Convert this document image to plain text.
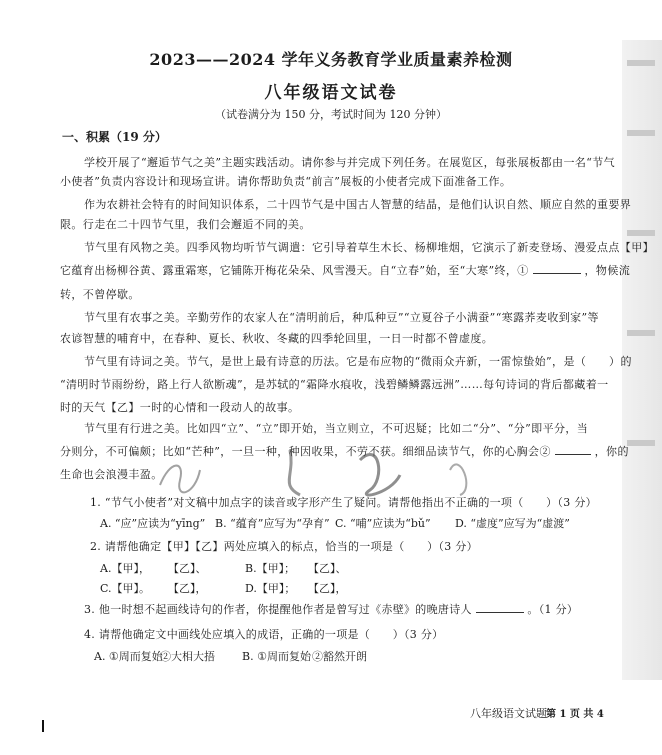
2023——2024 学年义务教育学业质量素养检测
八年级语文试卷
（试卷满分为 150 分，考试时间为 120 分钟）
一、积累（19 分）
学校开展了“邂逅节气之美”主题实践活动。请你参与并完成下列任务。在展览区，每张展板都由一名“节气
小使者”负责内容设计和现场宣讲。请你帮助负责“前言”展板的小使者完成下面准备工作。
作为农耕社会特有的时间知识体系，二十四节气是中国古人智慧的结晶，是他们认识自然、顺应自然的重要界
限。行走在二十四节气里，我们会邂逅不同的美。
节气里有风物之美。四季风物均听节气调遣：它引导着草生木长、杨柳堆烟，它演示了新麦登场、漫爱点点【甲】
它蕴育出杨柳谷黄、露重霜寒，它铺陈开梅花朵朵、风雪漫天。自“立春”始，至“大寒”终，①	，物候流
转，不曾停歇。
节气里有农事之美。辛勤劳作的农家人在“清明前后，种瓜种豆”“立夏谷子小满蚕”“寒露荞麦收到家”等
农谚智慧的哺育中，在春种、夏长、秋收、冬藏的四季轮回里，一日一时都不曾虚度。
节气里有诗词之美。节气，是世上最有诗意的历法。它是布应物的“微雨众卉新，一雷惊蛰始”，是（　　）的
“清明时节雨纷纷，路上行人欲断魂”，是苏轼的“霜降水痕收，浅碧鳞鳞露远洲”……每句诗词的背后都藏着一
时的天气【乙】一时的心情和一段动人的故事。
节气里有行进之美。比如四“立”、“立”即开始，当立则立，不可迟疑；比如二“分”、“分”即平分，当
分则分，不可偏颇；比如“芒种”，一旦一种，种因收果，不劳不获。细细品读节气，你的心胸会②	，你的
生命也会浪漫丰盈。
1. “节气小使者”对文稿中加点字的读音或字形产生了疑问。请帮他指出不正确的一项（　　）（3 分）
A. “应”应读为“yīng” B. “蕴育”应写为“孕育” C. “哺”应读为“bǔ” D. “虚度”应写为“虚渡”
2. 请帮他确定【甲】【乙】两处应填入的标点，恰当的一项是（　　）（3 分）
A.【甲】， 【乙】、	B.【甲】； 【乙】、
C.【甲】。 【乙】，	D.【甲】； 【乙】，
3. 他一时想不起画线诗句的作者，你提醒他作者是曾写过《赤壁》的晚唐诗人	。（1 分）
4. 请帮他确定文中画线处应填入的成语，正确的一项是（　　）（3 分）
A. ①周而复始
②大相大捂 B. ①周而复始 ②豁然开朗
八年级语文试题 第 1 页 共 4
